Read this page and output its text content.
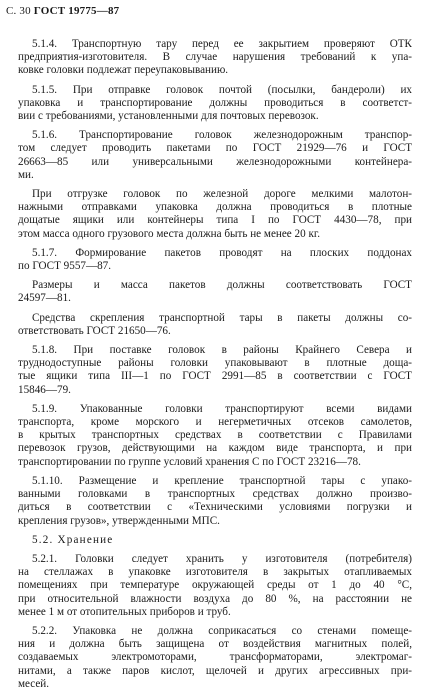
С. 30 ГОСТ 19775—87
5.1.4. Транспортную тару перед ее закрытием проверяют ОТК
предприятия-изготовителя. В случае нарушения требований к упа-
ковке головки подлежат переупаковыванию.
5.1.5. При отправке головок почтой (посылки, бандероли) их
упаковка и транспортирование должны проводиться в соответст-
вии с требованиями, установленными для почтовых перевозок.
5.1.6. Транспортирование головок железнодорожным транспор-
том следует проводить пакетами по ГОСТ 21929—76 и ГОСТ
26663—85 или универсальными железнодорожными контейнера-
ми.
При отгрузке головок по железной дороге мелкими малотон-
нажными отправками упаковка должна проводиться в плотные
дощатые ящики или контейнеры типа I по ГОСТ 4430—78, при
этом масса одного грузового места должна быть не менее 20 кг.
5.1.7. Формирование пакетов проводят на плоских поддонах
по ГОСТ 9557—87.
Размеры и масса пакетов должны соответствовать ГОСТ
24597—81.
Средства скрепления транспортной тары в пакеты должны со-
ответствовать ГОСТ 21650—76.
5.1.8. При поставке головок в районы Крайнего Севера и
труднодоступные районы головки упаковывают в плотные доща-
тые ящики типа III—1 по ГОСТ 2991—85 в соответствии с ГОСТ
15846—79.
5.1.9. Упакованные головки транспортируют всеми видами
транспорта, кроме морского и негерметичных отсеков самолетов,
в крытых транспортных средствах в соответствии с Правилами
перевозок грузов, действующими на каждом виде транспорта, и при
транспортировании по группе условий хранения С по ГОСТ 23216—78.
5.1.10. Размещение и крепление транспортной тары с упако-
ванными головками в транспортных средствах должно произво-
диться в соответствии с «Техническими условиями погрузки и
крепления грузов», утвержденными МПС.
5.2. Хранение
5.2.1. Головки следует хранить у изготовителя (потребителя)
на стеллажах в упаковке изготовителя в закрытых отапливаемых
помещениях при температуре окружающей среды от 1 до 40 °С,
при относительной влажности воздуха до 80 %, на расстоянии не
менее 1 м от отопительных приборов и труб.
5.2.2. Упаковка не должна соприкасаться со стенами помеще-
ния и должна быть защищена от воздействия магнитных полей,
создаваемых электромоторами, трансформаторами, электромаг-
нитами, а также паров кислот, щелочей и других агрессивных при-
месей.
